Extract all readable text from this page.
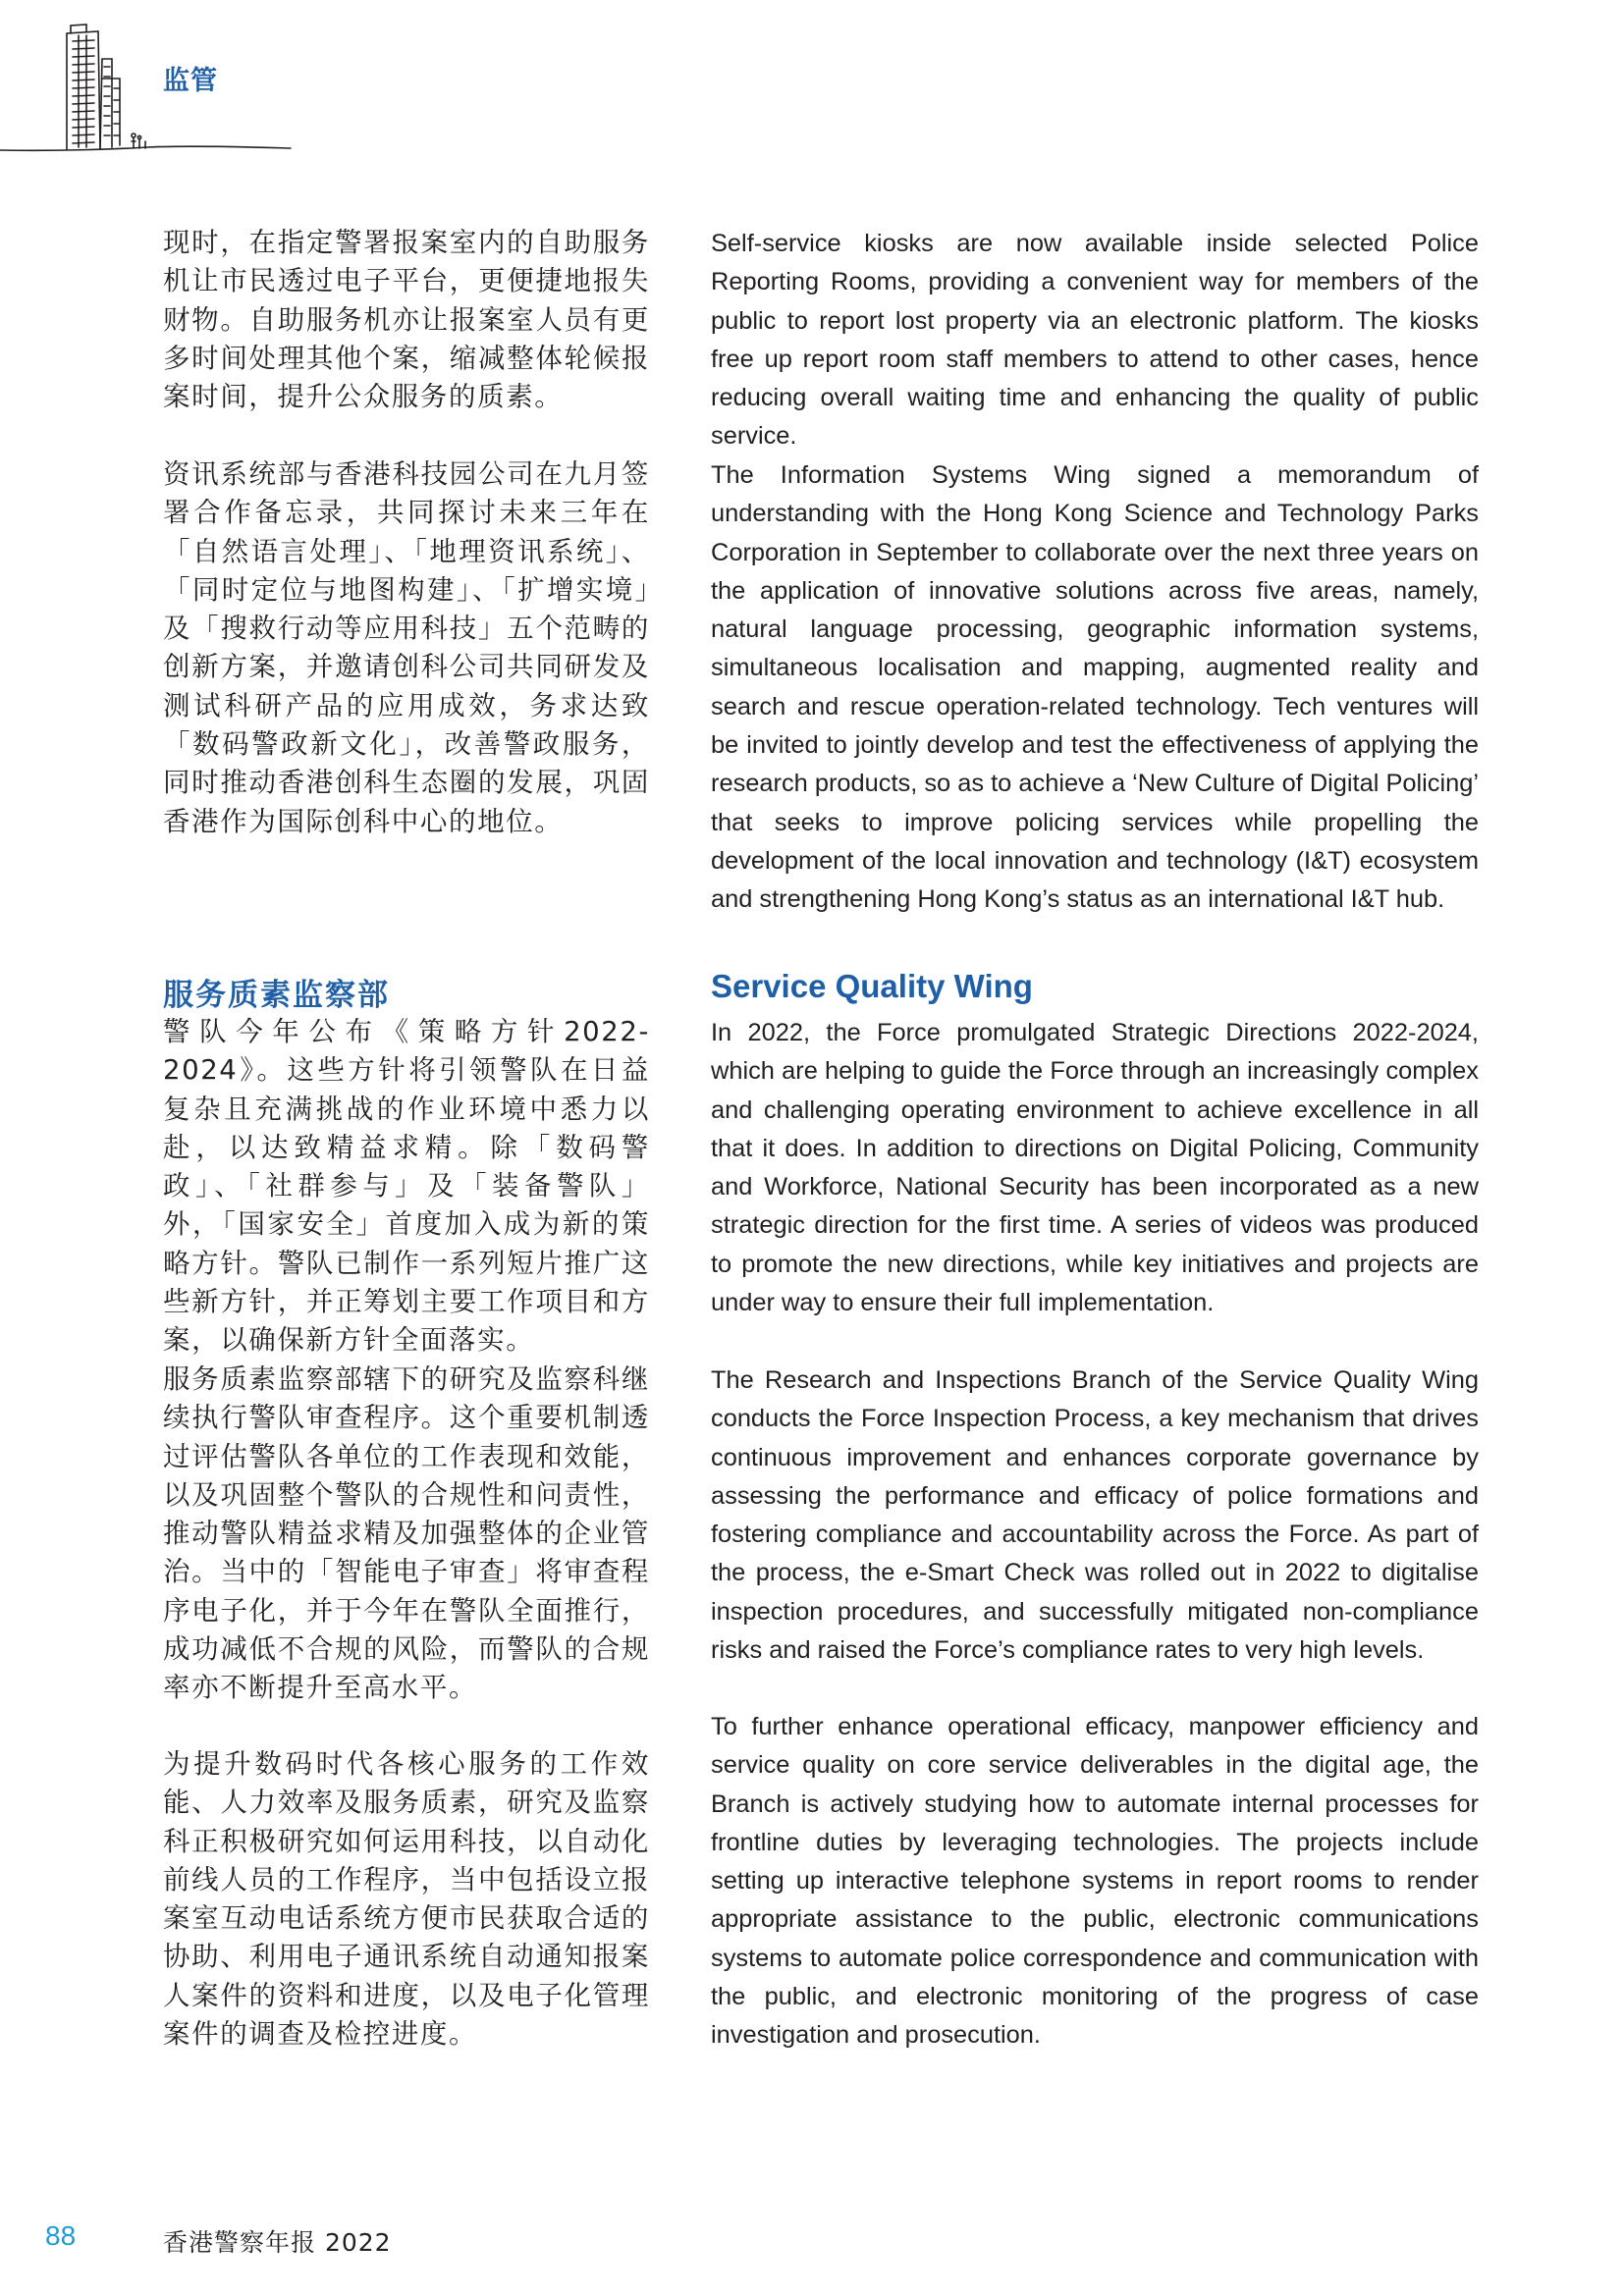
监管

现时，在指定警署报案室内的自助服务机让市民透过电子平台，更便捷地报失财物。自助服务机亦让报案室人员有更多时间处理其他个案，缩减整体轮候报案时间，提升公众服务的质素。

资讯系统部与香港科技园公司在九月签署合作备忘录，共同探讨未来三年在「自然语言处理」、「地理资讯系统」、「同时定位与地图构建」、「扩增实境」及「搜救行动等应用科技」五个范畴的创新方案，并邀请创科公司共同研发及测试科研产品的应用成效，务求达致「数码警政新文化」，改善警政服务，同时推动香港创科生态圈的发展，巩固香港作为国际创科中心的地位。

服务质素监察部

警队今年公布《策略方针2022-2024》。这些方针将引领警队在日益复杂且充满挑战的作业环境中悉力以赴，以达致精益求精。除「数码警政」、「社群参与」及「装备警队」外，「国家安全」首度加入成为新的策略方针。警队已制作一系列短片推广这些新方针，并正筹划主要工作项目和方案，以确保新方针全面落实。

服务质素监察部辖下的研究及监察科继续执行警队审查程序。这个重要机制透过评估警队各单位的工作表现和效能，以及巩固整个警队的合规性和问责性，推动警队精益求精及加强整体的企业管治。当中的「智能电子审查」将审查程序电子化，并于今年在警队全面推行，成功减低不合规的风险，而警队的合规率亦不断提升至高水平。

为提升数码时代各核心服务的工作效能、人力效率及服务质素，研究及监察科正积极研究如何运用科技，以自动化前线人员的工作程序，当中包括设立报案室互动电话系统方便市民获取合适的协助、利用电子通讯系统自动通知报案人案件的资料和进度，以及电子化管理案件的调查及检控进度。

Self-service kiosks are now available inside selected Police Reporting Rooms, providing a convenient way for members of the public to report lost property via an electronic platform. The kiosks free up report room staff members to attend to other cases, hence reducing overall waiting time and enhancing the quality of public service.

The Information Systems Wing signed a memorandum of understanding with the Hong Kong Science and Technology Parks Corporation in September to collaborate over the next three years on the application of innovative solutions across five areas, namely, natural language processing, geographic information systems, simultaneous localisation and mapping, augmented reality and search and rescue operation-related technology. Tech ventures will be invited to jointly develop and test the effectiveness of applying the research products, so as to achieve a ‘New Culture of Digital Policing’ that seeks to improve policing services while propelling the development of the local innovation and technology (I&T) ecosystem and strengthening Hong Kong’s status as an international I&T hub.

Service Quality Wing

In 2022, the Force promulgated Strategic Directions 2022-2024, which are helping to guide the Force through an increasingly complex and challenging operating environment to achieve excellence in all that it does. In addition to directions on Digital Policing, Community and Workforce, National Security has been incorporated as a new strategic direction for the first time. A series of videos was produced to promote the new directions, while key initiatives and projects are under way to ensure their full implementation.

The Research and Inspections Branch of the Service Quality Wing conducts the Force Inspection Process, a key mechanism that drives continuous improvement and enhances corporate governance by assessing the performance and efficacy of police formations and fostering compliance and accountability across the Force. As part of the process, the e-Smart Check was rolled out in 2022 to digitalise inspection procedures, and successfully mitigated non-compliance risks and raised the Force’s compliance rates to very high levels.

To further enhance operational efficacy, manpower efficiency and service quality on core service deliverables in the digital age, the Branch is actively studying how to automate internal processes for frontline duties by leveraging technologies. The projects include setting up interactive telephone systems in report rooms to render appropriate assistance to the public, electronic communications systems to automate police correspondence and communication with the public, and electronic monitoring of the progress of case investigation and prosecution.

88	香港警察年报 2022
